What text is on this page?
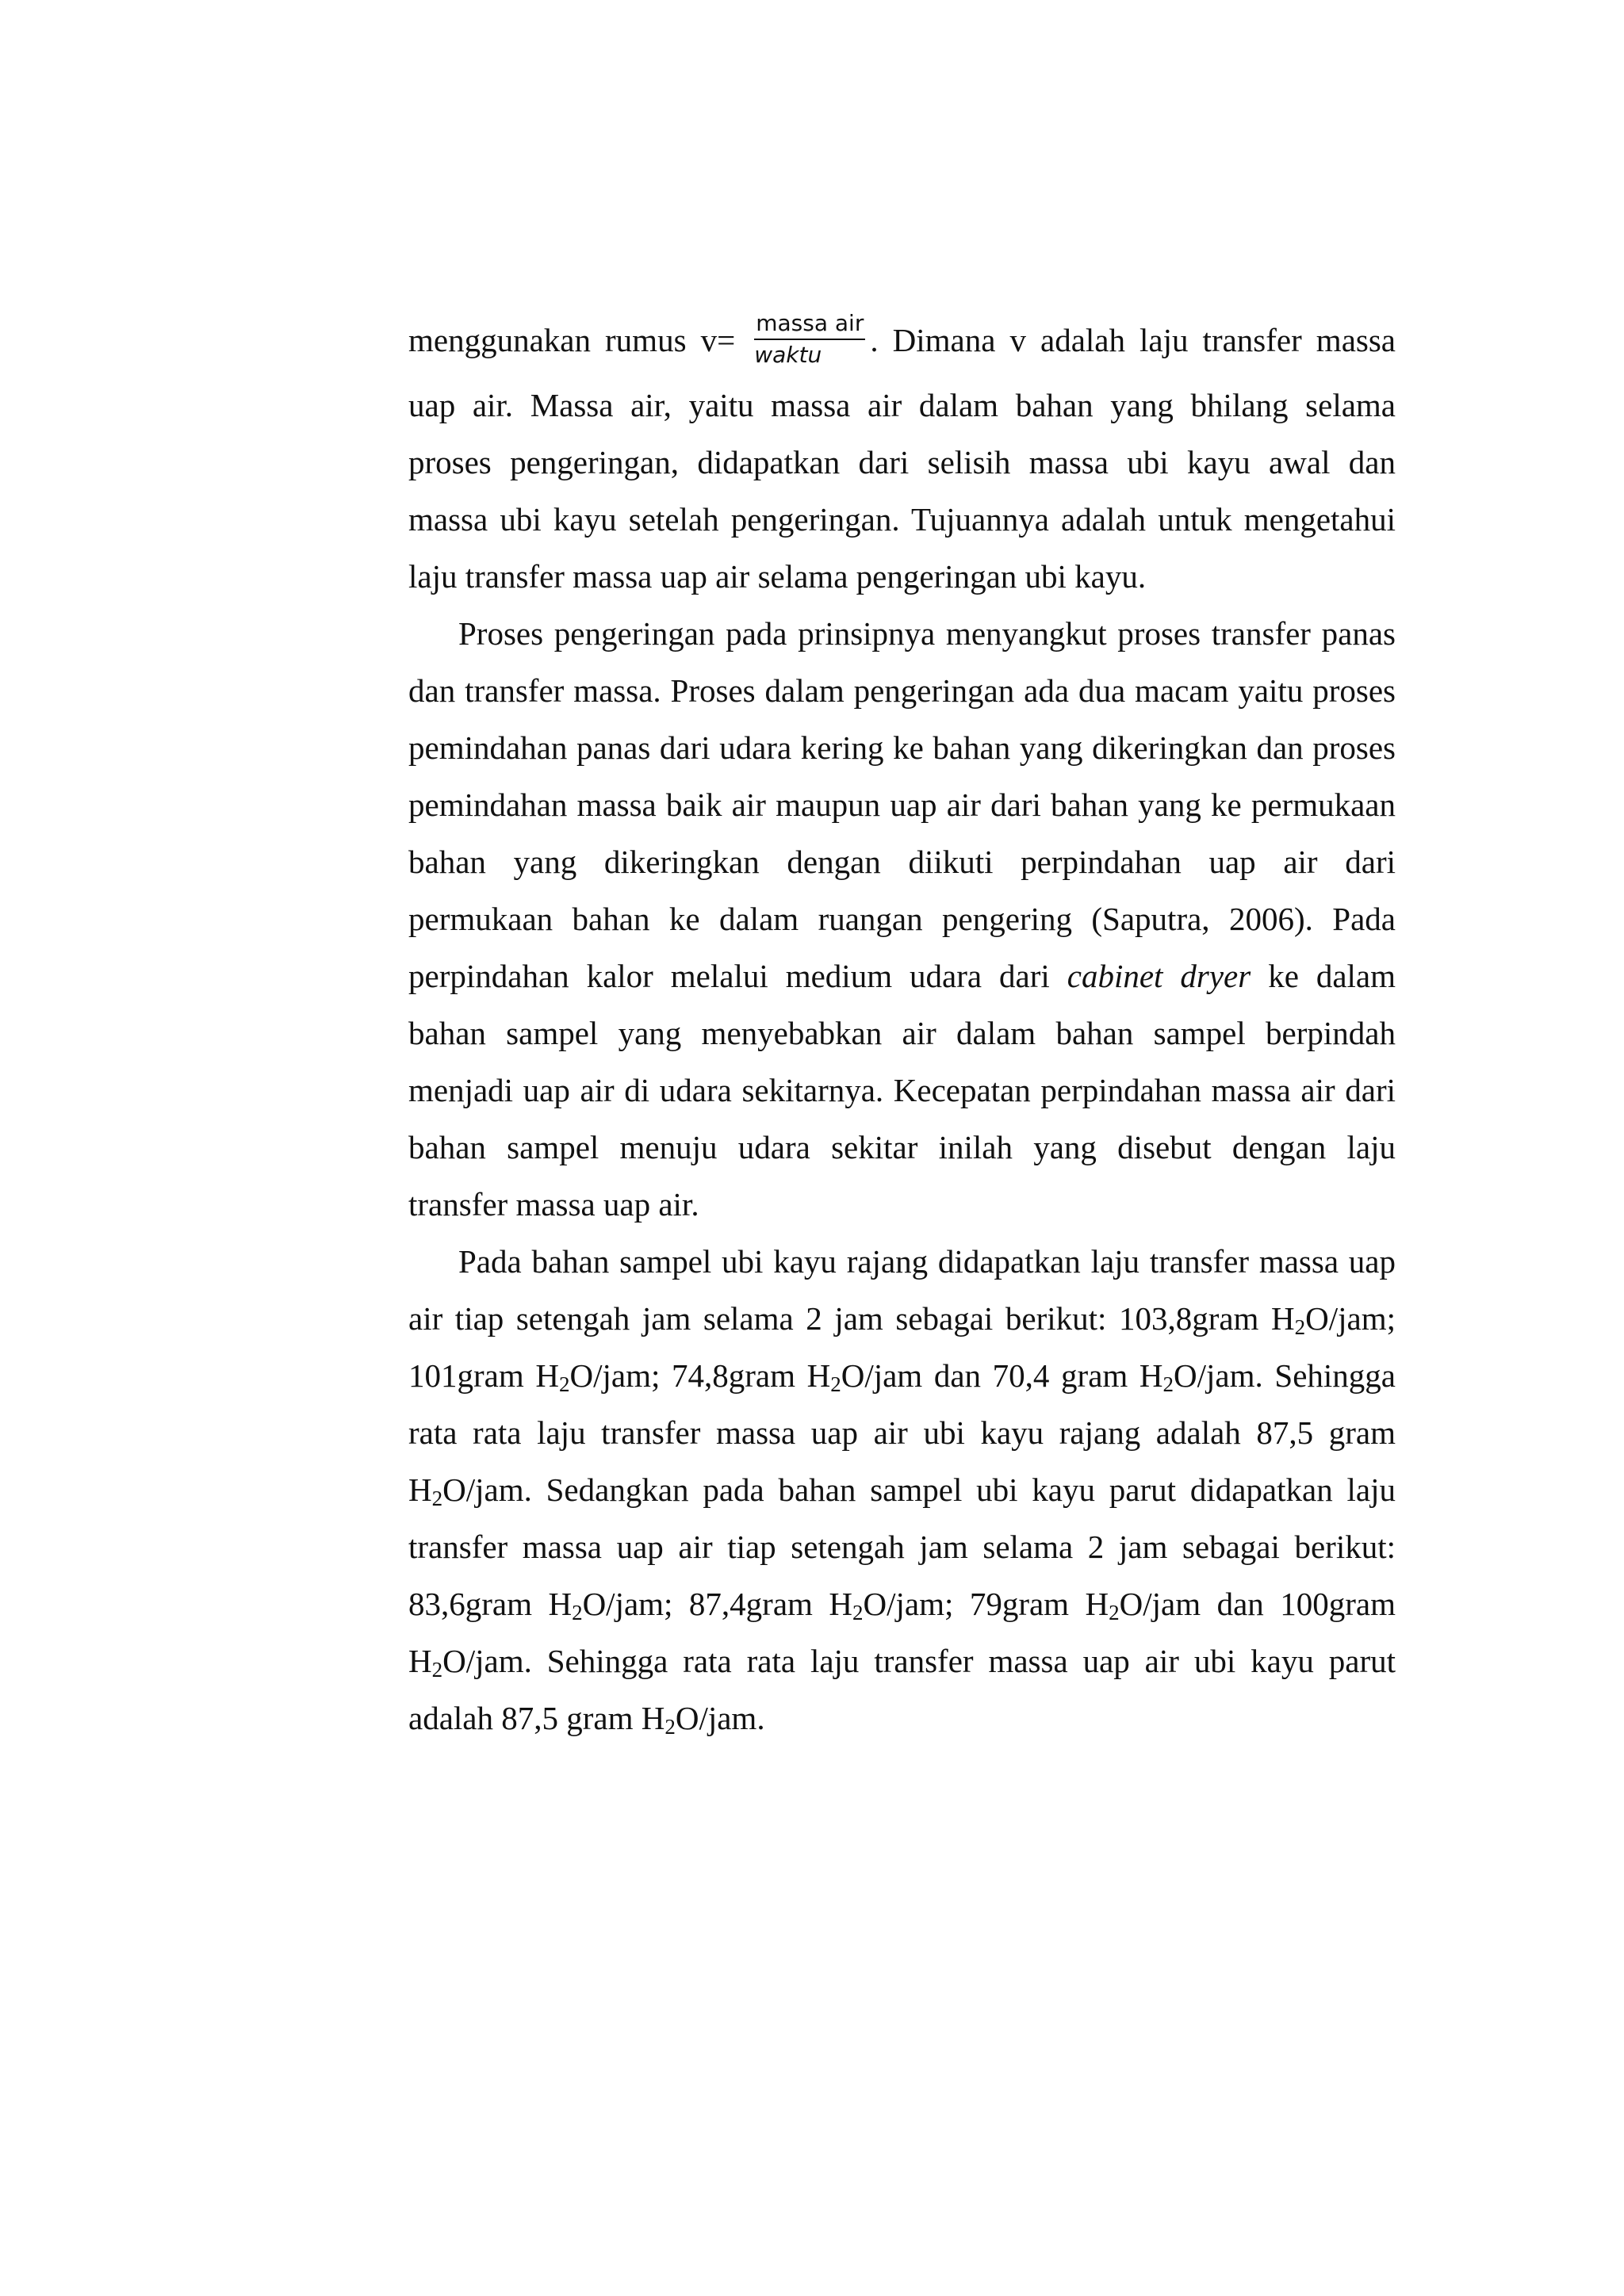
menggunakan rumus $v= \frac{\text{massa air}}{\text{waktu}}$ . Dimana v adalah laju transfer massa
uap air. Massa air, yaitu massa air dalam bahan yang bhilang selama
proses pengeringan, didapatkan dari selisih massa ubi kayu awal dan
massa ubi kayu setelah pengeringan. Tujuannya adalah untuk mengetahui
laju transfer massa uap air selama pengeringan ubi kayu.
Proses pengeringan pada prinsipnya menyangkut proses transfer panas
dan transfer massa. Proses dalam pengeringan ada dua macam yaitu proses
pemindahan panas dari udara kering ke bahan yang dikeringkan dan proses
pemindahan massa baik air maupun uap air dari bahan yang ke permukaan
bahan yang dikeringkan dengan diikuti perpindahan uap air dari
permukaan bahan ke dalam ruangan pengering (Saputra, 2006). Pada
perpindahan kalor melalui medium udara dari cabinet dryer ke dalam
bahan sampel yang menyebabkan air dalam bahan sampel berpindah
menjadi uap air di udara sekitarnya. Kecepatan perpindahan massa air dari
bahan sampel menuju udara sekitar inilah yang disebut dengan laju
transfer massa uap air.
Pada bahan sampel ubi kayu rajang didapatkan laju transfer massa uap
air tiap setengah jam selama 2 jam sebagai berikut: 103,8gram $H_2O$/jam;
101gram $H_2O$/jam; 74,8gram $H_2O$/jam dan 70,4 gram $H_2O$/jam. Sehingga
rata rata laju transfer massa uap air ubi kayu rajang adalah 87,5 gram
$H_2O$/jam. Sedangkan pada bahan sampel ubi kayu parut didapatkan laju
transfer massa uap air tiap setengah jam selama 2 jam sebagai berikut:
83,6gram $H_2O$/jam; 87,4gram $H_2O$/jam; 79gram $H_2O$/jam dan 100gram
$H_2O$/jam. Sehingga rata rata laju transfer massa uap air ubi kayu parut
adalah 87,5 gram $H_2O$/jam.
